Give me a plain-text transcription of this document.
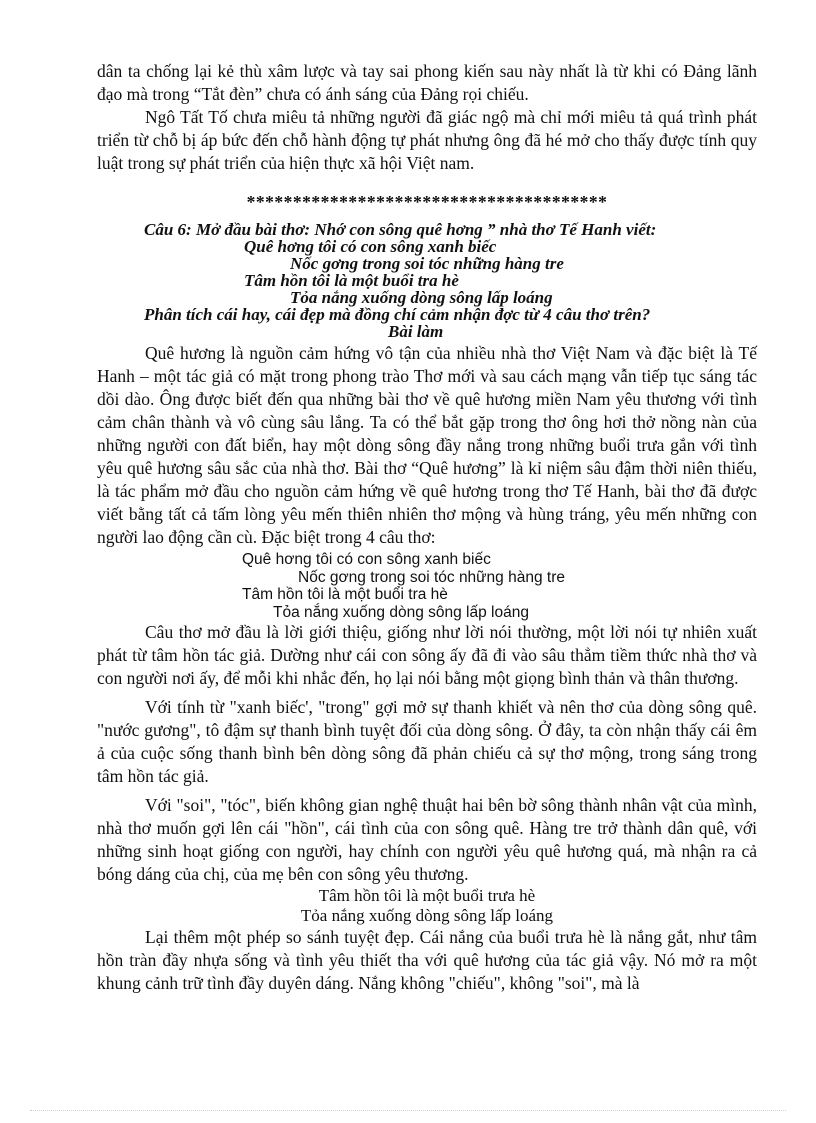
dân ta chống lại kẻ thù xâm lược và tay sai phong kiến sau này nhất là từ khi có Đảng lãnh đạo mà trong “Tắt đèn” chưa có ánh sáng của Đảng rọi chiếu.

Ngô Tất Tố chưa miêu tả những người đã giác ngộ mà chỉ mới miêu tả quá trình phát triển từ chỗ bị áp bức đến chỗ hành động tự phát nhưng ông đã hé mở cho thấy được tính quy luật trong sự phát triển của hiện thực xã hội Việt nam.

***************************************

Câu 6: Mở đầu bài thơ: Nhớ con sông quê hơng ” nhà thơ Tế Hanh viết:

Quê hơng tôi có con sông xanh biếc

Nốc gơng trong soi tóc những hàng tre

Tâm hồn tôi là một buổi tra hè

Tỏa nắng xuống dòng sông lấp loáng

Phân tích cái hay, cái đẹp mà đồng chí cảm nhận đợc từ 4 câu thơ trên?

Bài làm

Quê hương là nguồn cảm hứng vô tận của nhiều nhà thơ Việt Nam và đặc biệt là Tế Hanh – một tác giả có mặt trong phong trào Thơ mới và sau cách mạng vẫn tiếp tục sáng tác dồi dào. Ông được biết đến qua những bài thơ về quê hương miền Nam yêu thương với tình cảm chân thành và vô cùng sâu lắng. Ta có thể bắt gặp trong thơ ông hơi thở nồng nàn của những người con đất biển, hay một dòng sông đầy nắng trong những buổi trưa gắn với tình yêu quê hương sâu sắc của nhà thơ. Bài thơ “Quê hương” là kỉ niệm sâu đậm thời niên thiếu, là tác phẩm mở đầu cho nguồn cảm hứng về quê hương trong thơ Tế Hanh, bài thơ đã được viết bằng tất cả tấm lòng yêu mến thiên nhiên thơ mộng và hùng tráng, yêu mến những con người lao động cần cù. Đặc biệt trong 4 câu thơ:

Quê hơng tôi có con sông xanh biếc

Nốc gơng trong soi tóc những hàng tre

Tâm hồn tôi là một buổi tra hè

Tỏa nắng xuống dòng sông lấp loáng

Câu thơ mở đầu là lời giới thiệu, giống như lời nói thường, một lời nói tự nhiên xuất phát từ tâm hồn tác giả. Dường như cái con sông ấy đã đi vào sâu thẳm tiềm thức nhà thơ và con người nơi ấy, để mỗi khi nhắc đến, họ lại nói bằng một giọng bình thản và thân thương.

Với tính từ "xanh biếc', "trong" gợi mở sự thanh khiết và nên thơ của dòng sông quê. "nước gương", tô đậm sự thanh bình tuyệt đối của dòng sông. Ở đây, ta còn nhận thấy cái êm ả của cuộc sống thanh bình bên dòng sông đã phản chiếu cả sự thơ mộng, trong sáng trong tâm hồn tác giả.

Với "soi", "tóc", biến không gian nghệ thuật hai bên bờ sông thành nhân vật của mình, nhà thơ muốn gợi lên cái "hồn", cái tình của con sông quê. Hàng tre trở thành dân quê, với những sinh hoạt giống con người, hay chính con người yêu quê hương quá, mà nhận ra cả bóng dáng của chị, của mẹ bên con sông yêu thương.

Tâm hồn tôi là một buổi trưa hè

Tỏa nắng xuống dòng sông lấp loáng

Lại thêm một phép so sánh tuyệt đẹp. Cái nắng của buổi trưa hè là nắng gắt, như tâm hồn tràn đầy nhựa sống và tình yêu thiết tha với quê hương của tác giả vậy. Nó mở ra một khung cảnh trữ tình đầy duyên dáng. Nắng không "chiếu", không "soi", mà là
